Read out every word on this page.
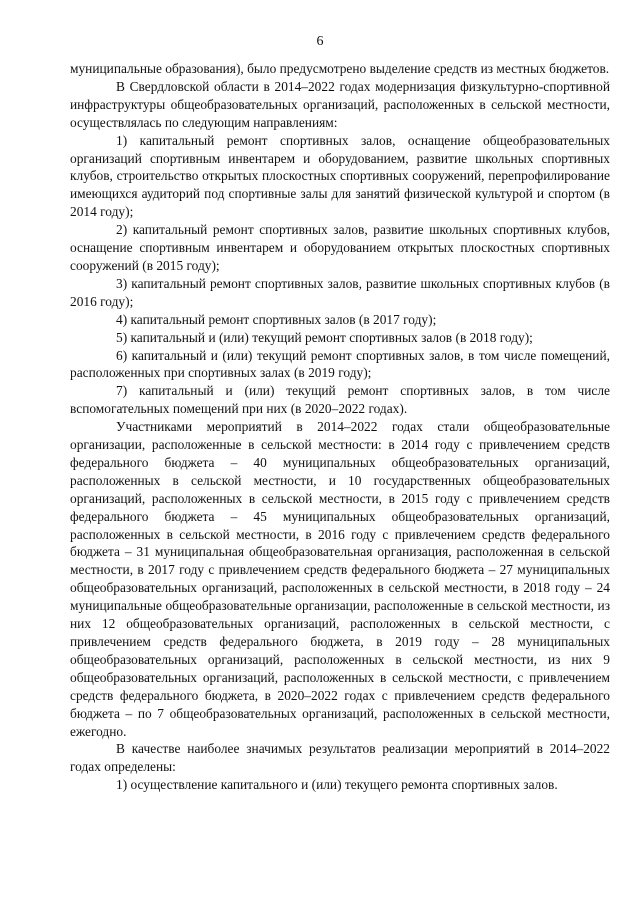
6

муниципальные образования), было предусмотрено выделение средств из местных бюджетов.

В Свердловской области в 2014–2022 годах модернизация физкультурно-спортивной инфраструктуры общеобразовательных организаций, расположенных в сельской местности, осуществлялась по следующим направлениям:

1) капитальный ремонт спортивных залов, оснащение общеобразовательных организаций спортивным инвентарем и оборудованием, развитие школьных спортивных клубов, строительство открытых плоскостных спортивных сооружений, перепрофилирование имеющихся аудиторий под спортивные залы для занятий физической культурой и спортом (в 2014 году);

2) капитальный ремонт спортивных залов, развитие школьных спортивных клубов, оснащение спортивным инвентарем и оборудованием открытых плоскостных спортивных сооружений (в 2015 году);

3) капитальный ремонт спортивных залов, развитие школьных спортивных клубов (в 2016 году);

4) капитальный ремонт спортивных залов (в 2017 году);

5) капитальный и (или) текущий ремонт спортивных залов (в 2018 году);

6) капитальный и (или) текущий ремонт спортивных залов, в том числе помещений, расположенных при спортивных залах (в 2019 году);

7) капитальный и (или) текущий ремонт спортивных залов, в том числе вспомогательных помещений при них (в 2020–2022 годах).

Участниками мероприятий в 2014–2022 годах стали общеобразовательные организации, расположенные в сельской местности: в 2014 году с привлечением средств федерального бюджета – 40 муниципальных общеобразовательных организаций, расположенных в сельской местности, и 10 государственных общеобразовательных организаций, расположенных в сельской местности, в 2015 году с привлечением средств федерального бюджета – 45 муниципальных общеобразовательных организаций, расположенных в сельской местности, в 2016 году с привлечением средств федерального бюджета – 31 муниципальная общеобразовательная организация, расположенная в сельской местности, в 2017 году с привлечением средств федерального бюджета – 27 муниципальных общеобразовательных организаций, расположенных в сельской местности, в 2018 году – 24 муниципальные общеобразовательные организации, расположенные в сельской местности, из них 12 общеобразовательных организаций, расположенных в сельской местности, с привлечением средств федерального бюджета, в 2019 году – 28 муниципальных общеобразовательных организаций, расположенных в сельской местности, из них 9 общеобразовательных организаций, расположенных в сельской местности, с привлечением средств федерального бюджета, в 2020–2022 годах с привлечением средств федерального бюджета – по 7 общеобразовательных организаций, расположенных в сельской местности, ежегодно.

В качестве наиболее значимых результатов реализации мероприятий в 2014–2022 годах определены:

1) осуществление капитального и (или) текущего ремонта спортивных залов.
